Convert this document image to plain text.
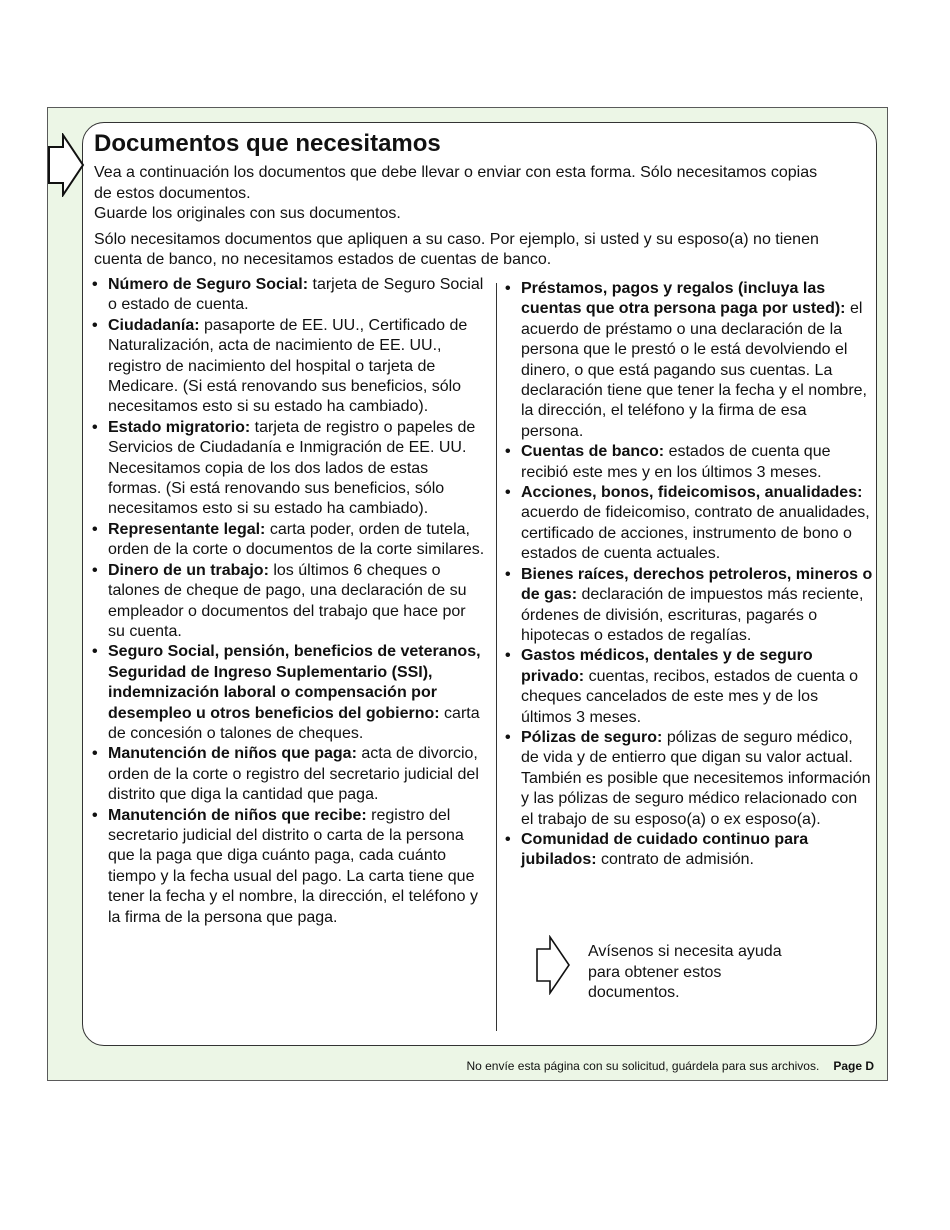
Documentos que necesitamos

Vea a continuación los documentos que debe llevar o enviar con esta forma. Sólo necesitamos copias de estos documentos.

Guarde los originales con sus documentos.

Sólo necesitamos documentos que apliquen a su caso. Por ejemplo, si usted y su esposo(a) no tienen cuenta de banco, no necesitamos estados de cuentas de banco.

• Número de Seguro Social: tarjeta de Seguro Social o estado de cuenta.
• Ciudadanía: pasaporte de EE. UU., Certificado de Naturalización, acta de nacimiento de EE. UU., registro de nacimiento del hospital o tarjeta de Medicare. (Si está renovando sus beneficios, sólo necesitamos esto si su estado ha cambiado).
• Estado migratorio: tarjeta de registro o papeles de Servicios de Ciudadanía e Inmigración de EE. UU. Necesitamos copia de los dos lados de estas formas. (Si está renovando sus beneficios, sólo necesitamos esto si su estado ha cambiado).
• Representante legal: carta poder, orden de tutela, orden de la corte o documentos de la corte similares.
• Dinero de un trabajo: los últimos 6 cheques o talones de cheque de pago, una declaración de su empleador o documentos del trabajo que hace por su cuenta.
• Seguro Social, pensión, beneficios de veteranos, Seguridad de Ingreso Suplementario (SSI), indemnización laboral o compensación por desempleo u otros beneficios del gobierno: carta de concesión o talones de cheques.
• Manutención de niños que paga: acta de divorcio, orden de la corte o registro del secretario judicial del distrito que diga la cantidad que paga.
• Manutención de niños que recibe: registro del secretario judicial del distrito o carta de la persona que la paga que diga cuánto paga, cada cuánto tiempo y la fecha usual del pago. La carta tiene que tener la fecha y el nombre, la dirección, el teléfono y la firma de la persona que paga.
• Préstamos, pagos y regalos (incluya las cuentas que otra persona paga por usted): el acuerdo de préstamo o una declaración de la persona que le prestó o le está devolviendo el dinero, o que está pagando sus cuentas. La declaración tiene que tener la fecha y el nombre, la dirección, el teléfono y la firma de esa persona.
• Cuentas de banco: estados de cuenta que recibió este mes y en los últimos 3 meses.
• Acciones, bonos, fideicomisos, anualidades: acuerdo de fideicomiso, contrato de anualidades, certificado de acciones, instrumento de bono o estados de cuenta actuales.
• Bienes raíces, derechos petroleros, mineros o de gas: declaración de impuestos más reciente, órdenes de división, escrituras, pagarés o hipotecas o estados de regalías.
• Gastos médicos, dentales y de seguro privado: cuentas, recibos, estados de cuenta o cheques cancelados de este mes y de los últimos 3 meses.
• Pólizas de seguro: pólizas de seguro médico, de vida y de entierro que digan su valor actual. También es posible que necesitemos información y las pólizas de seguro médico relacionado con el trabajo de su esposo(a) o ex esposo(a).
• Comunidad de cuidado continuo para jubilados: contrato de admisión.
Avísenos si necesita ayuda para obtener estos documentos.
No envíe esta página con su solicitud, guárdela para sus archivos. Page D
